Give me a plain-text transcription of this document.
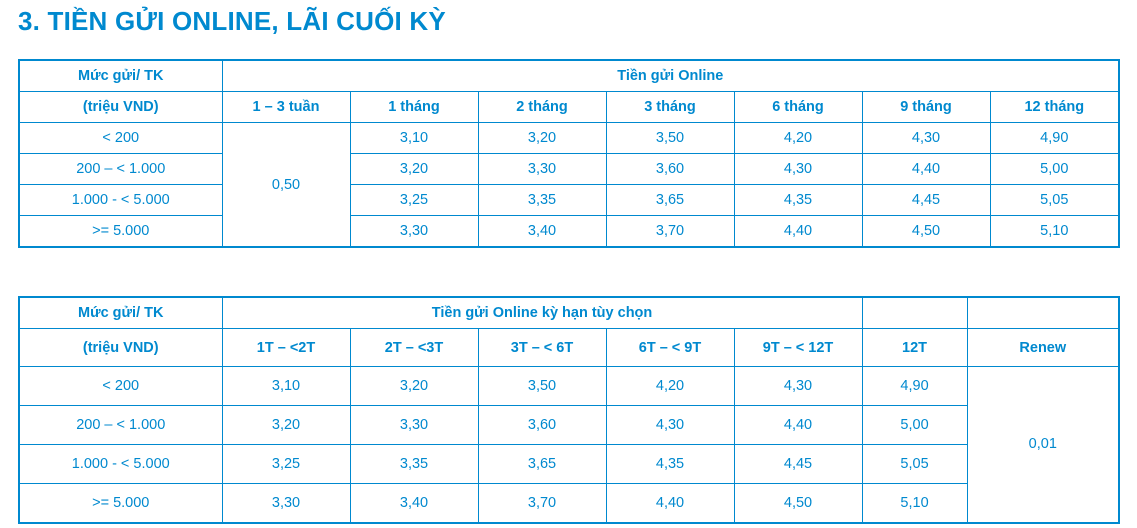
3. TIỀN GỬI ONLINE, LÃI CUỐI KỲ
Mức gửi/ TK	Tiền gửi Online						
(triệu VND)	1 – 3 tuần	1 tháng	2 tháng	3 tháng	6 tháng	9 tháng	12 tháng
< 200	0,50	3,10	3,20	3,50	4,20	4,30	4,90
200 – < 1.000		3,20	3,30	3,60	4,30	4,40	5,00
1.000 - < 5.000		3,25	3,35	3,65	4,35	4,45	5,05
>= 5.000		3,30	3,40	3,70	4,40	4,50	5,10
Mức gửi/ TK	Tiền gửi Online kỳ hạn tùy chọn						
(triệu VND)	1T – <2T	2T – <3T	3T – < 6T	6T – < 9T	9T – < 12T	12T	Renew
< 200	3,10	3,20	3,50	4,20	4,30	4,90	0,01
200 – < 1.000	3,20	3,30	3,60	4,30	4,40	5,00	
1.000 - < 5.000	3,25	3,35	3,65	4,35	4,45	5,05	
>= 5.000	3,30	3,40	3,70	4,40	4,50	5,10	
